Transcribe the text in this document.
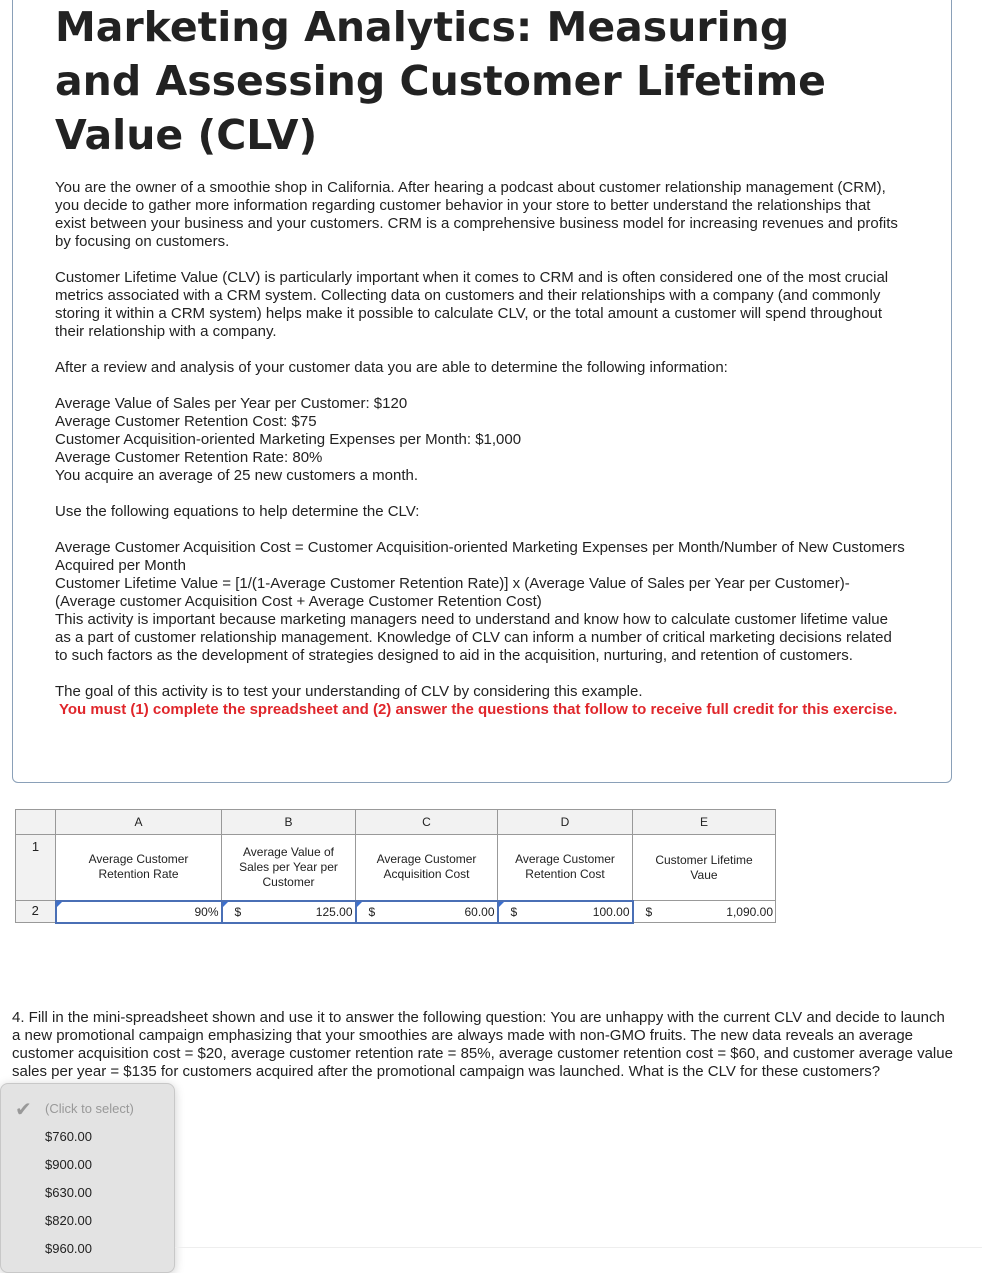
Marketing Analytics: Measuring and Assessing Customer Lifetime Value (CLV)

You are the owner of a smoothie shop in California. After hearing a podcast about customer relationship management (CRM), you decide to gather more information regarding customer behavior in your store to better understand the relationships that exist between your business and your customers. CRM is a comprehensive business model for increasing revenues and profits by focusing on customers.

Customer Lifetime Value (CLV) is particularly important when it comes to CRM and is often considered one of the most crucial metrics associated with a CRM system. Collecting data on customers and their relationships with a company (and commonly storing it within a CRM system) helps make it possible to calculate CLV, or the total amount a customer will spend throughout their relationship with a company.

After a review and analysis of your customer data you are able to determine the following information:

Average Value of Sales per Year per Customer: $120
Average Customer Retention Cost: $75
Customer Acquisition-oriented Marketing Expenses per Month: $1,000
Average Customer Retention Rate: 80%
You acquire an average of 25 new customers a month.

Use the following equations to help determine the CLV:

Average Customer Acquisition Cost = Customer Acquisition-oriented Marketing Expenses per Month/Number of New Customers Acquired per Month
Customer Lifetime Value = [1/(1-Average Customer Retention Rate)] x (Average Value of Sales per Year per Customer)-(Average customer Acquisition Cost + Average Customer Retention Cost)
This activity is important because marketing managers need to understand and know how to calculate customer lifetime value as a part of customer relationship management. Knowledge of CLV can inform a number of critical marketing decisions related to such factors as the development of strategies designed to aid in the acquisition, nurturing, and retention of customers.

The goal of this activity is to test your understanding of CLV by considering this example.
You must (1) complete the spreadsheet and (2) answer the questions that follow to receive full credit for this exercise.

	A	B	C	D	E
1	Average Customer Retention Rate	Average Value of Sales per Year per Customer	Average Customer Acquisition Cost	Average Customer Retention Cost	Customer Lifetime Vaue
2	90%	$ 125.00	$ 60.00	$ 100.00	$ 1,090.00

4. Fill in the mini-spreadsheet shown and use it to answer the following question: You are unhappy with the current CLV and decide to launch a new promotional campaign emphasizing that your smoothies are always made with non-GMO fruits. The new data reveals an average customer acquisition cost = $20, average customer retention rate = 85%, average customer retention cost = $60, and customer average value sales per year = $135 for customers acquired after the promotional campaign was launched. What is the CLV for these customers?

✔ (Click to select)
$760.00
$900.00
$630.00
$820.00
$960.00
